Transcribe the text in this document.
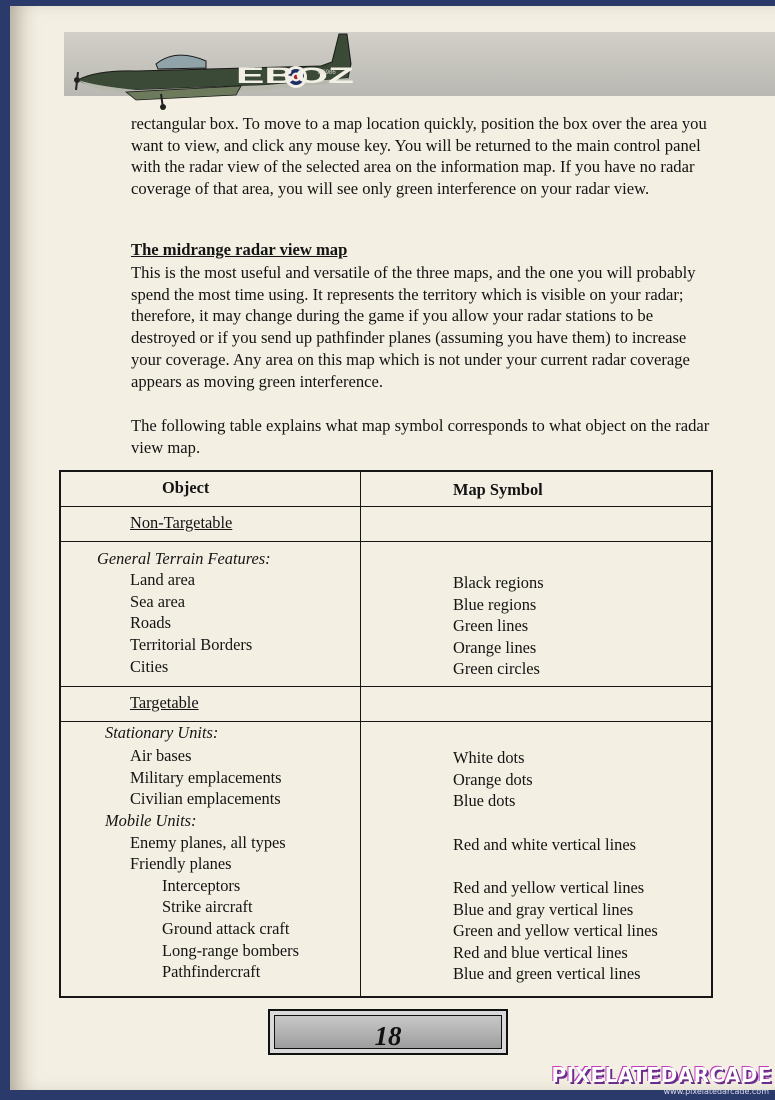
EBOZ
R6986

rectangular box. To move to a map location quickly, position the box over the area you want to view, and click any mouse key. You will be returned to the main control panel with the radar view of the selected area on the information map. If you have no radar coverage of that area, you will see only green interference on your radar view.

The midrange radar view map

This is the most useful and versatile of the three maps, and the one you will probably spend the most time using. It represents the territory which is visible on your radar; therefore, it may change during the game if you allow your radar stations to be destroyed or if you send up pathfinder planes (assuming you have them) to increase your coverage. Any area on this map which is not under your current radar coverage appears as moving green interference.

The following table explains what map symbol corresponds to what object on the radar view map.

Object	Map Symbol

Non-Targetable

General Terrain Features:

Land area

Sea area

Roads

Territorial Borders

Cities

Black regions

Blue regions

Green lines

Orange lines

Green circles

Targetable

Stationary Units:

Air bases

Military emplacements

Civilian emplacements

White dots

Orange dots

Blue dots

Mobile Units:

Enemy planes, all types	Red and white vertical lines

Friendly planes

Interceptors

Strike aircraft

Ground attack craft

Long-range bombers

Pathfindercraft

Red and yellow vertical lines

Blue and gray vertical lines

Green and yellow vertical lines

Red and blue vertical lines

Blue and green vertical lines

18
PIXELATEDARCADE
www.pixelatedarcade.com
